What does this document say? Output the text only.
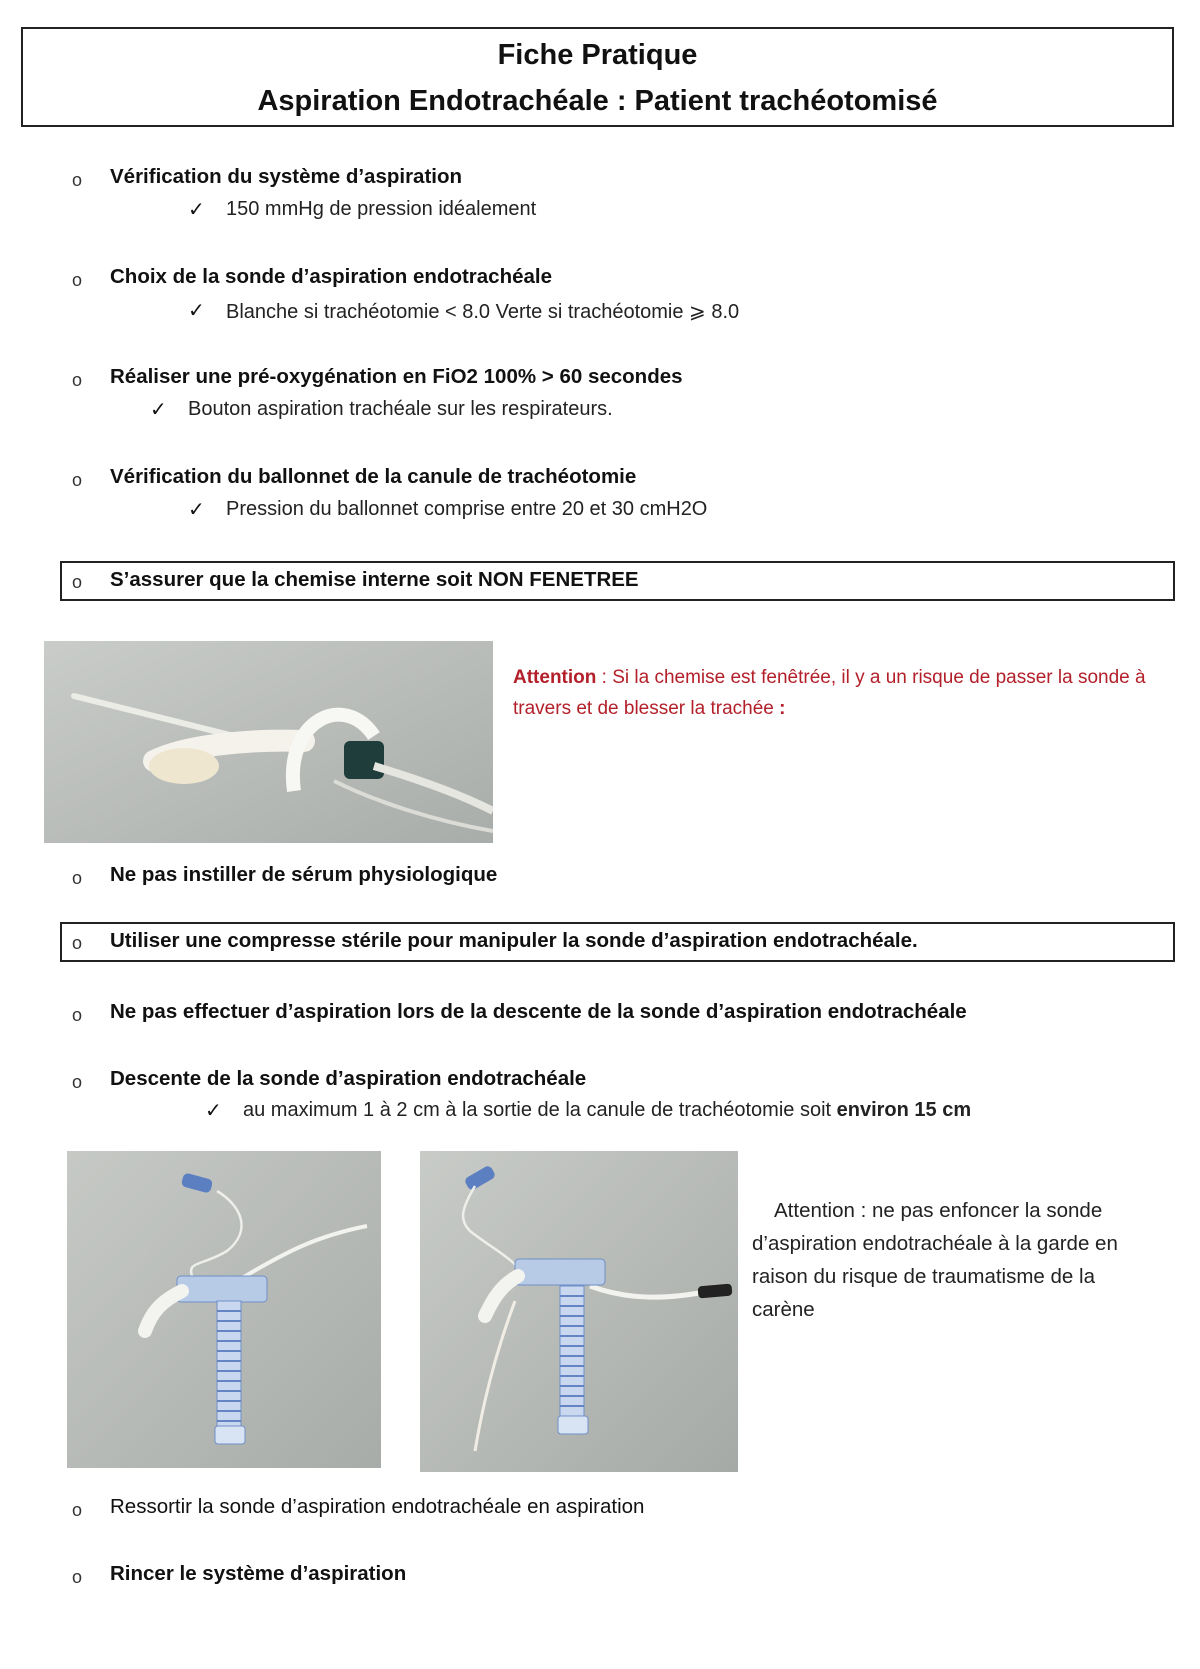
Fiche Pratique
Aspiration Endotrachéale : Patient trachéotomisé
o Vérification du système d’aspiration
✓ 150 mmHg de pression idéalement
o Choix de la sonde d’aspiration endotrachéale
✓ Blanche si trachéotomie < 8.0 Verte si trachéotomie ⩾ 8.0
o Réaliser une pré-oxygénation en FiO2 100% > 60 secondes
✓ Bouton aspiration trachéale sur les respirateurs.
o Vérification du ballonnet de la canule de trachéotomie
✓ Pression du ballonnet comprise entre 20 et 30 cmH2O
o S’assurer que la chemise interne soit NON FENETREE
Attention : Si la chemise est fenêtrée, il y a un risque de passer la sonde à travers et de blesser la trachée :
o Ne pas instiller de sérum physiologique
o Utiliser une compresse stérile pour manipuler la sonde d’aspiration endotrachéale.
o Ne pas effectuer d’aspiration lors de la descente de la sonde d’aspiration endotrachéale
o Descente de la sonde d’aspiration endotrachéale
✓ au maximum 1 à 2 cm à la sortie de la canule de trachéotomie soit environ 15 cm
Attention : ne pas enfoncer la sonde d’aspiration endotrachéale à la garde en raison du risque de traumatisme de la carène
o Ressortir la sonde d’aspiration endotrachéale en aspiration
o Rincer le système d’aspiration
